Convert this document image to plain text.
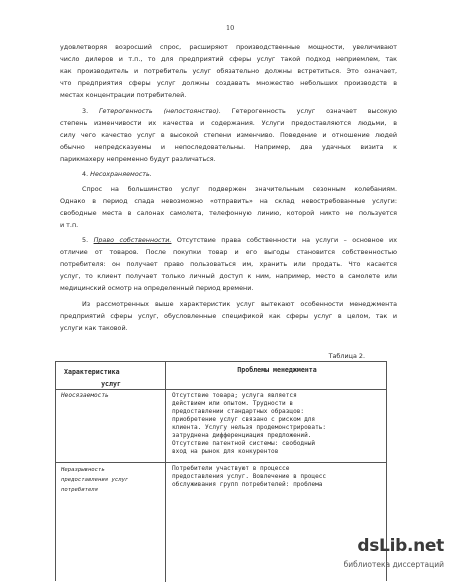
10
удовлетворяя возросший спрос, расширяют производственные мощности, увеличивают
число дилеров и т.п., то для предприятий сферы услуг такой подход неприемлем, так
как производитель и потребитель услуг обязательно должны встретиться. Это означает,
что предприятия сферы услуг должны создавать множество небольших производств в
местах концентрации потребителей.
3. Гетерогенность (непостоянство). Гетерогенность услуг означает высокую
степень изменчивости их качества и содержания. Услуги предоставляются людьми, в
силу чего качество услуг в высокой степени изменчиво. Поведение и отношение людей
обычно непредсказуемы и непоследовательны. Например, два удачных визита к
парикмахеру непременно будут различаться.
4. Несохраняемость.
Спрос на большинство услуг подвержен значительным сезонным колебаниям.
Однако в период спада невозможно «отправить» на склад невостребованные услуги:
свободные места в салонах самолета, телефонную линию, которой никто не пользуется
и т.п.
5. Право собственности. Отсутствие права собственности на услуги – основное их
отличие от товаров. После покупки товар и его выгоды становится собственностью
потребителя: он получает право пользоваться им, хранить или продать. Что касается
услуг, то клиент получает только личный доступ к ним, например, место в самолете или
медицинский осмотр на определенный период времени.
Из рассмотренных выше характеристик услуг вытекают особенности менеджмента
предприятий сферы услуг, обусловленные спецификой как сферы услуг в целом, так и
услуги как таковой.
Таблица 2.
Характеристика
услуг
Проблемы менеджмента
Неосязаемость	Отсутствие товара; услуга является
действием или опытом. Трудности в
предоставлении стандартных образцов:
приобретение услуг связано с риском для
клиента. Услугу нельзя продемонстрировать:
затруднена дифференциация предложений.
Отсутствие патентной системы: свободный
вход на рынок для конкурентов
Неразрывность
предоставления услуг
потребителя
Потребители участвуют в процессе
предоставления услуг. Вовлечение в процесс
обслуживания групп потребителей: проблема
dsLib.net
библиотека диссертаций
